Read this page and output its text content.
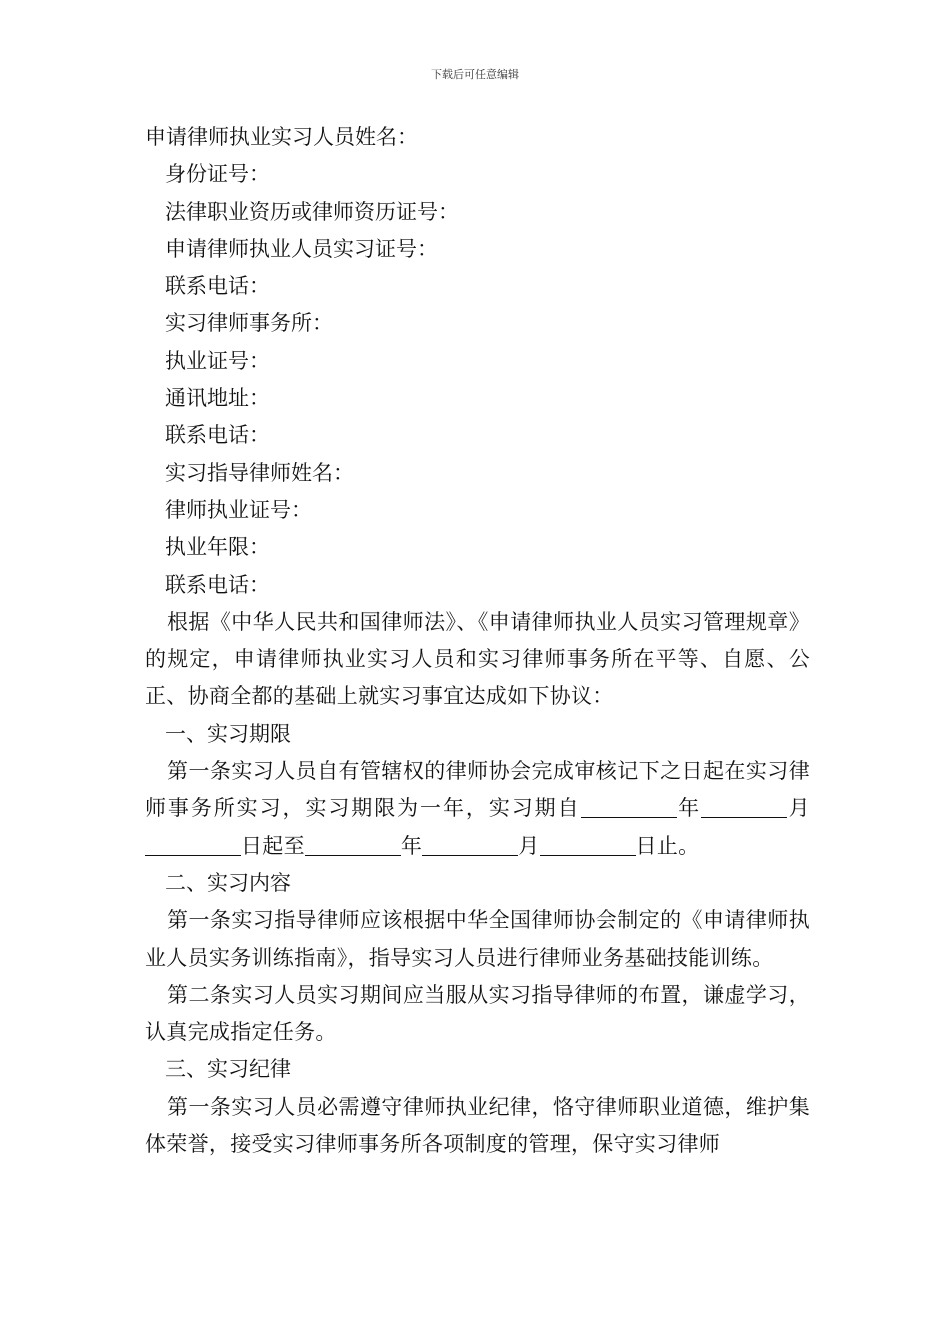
下载后可任意编辑
申请律师执业实习人员姓名：
身份证号：
法律职业资历或律师资历证号：
申请律师执业人员实习证号：
联系电话：
实习律师事务所：
执业证号：
通讯地址：
联系电话：
实习指导律师姓名：
律师执业证号：
执业年限：
联系电话：
根据《中华人民共和国律师法》、《申请律师执业人员实习管理规章》的规定，申请律师执业实习人员和实习律师事务所在平等、自愿、公正、协商全都的基础上就实习事宜达成如下协议：
一、实习期限
第一条实习人员自有管辖权的律师协会完成审核记下之日起在实习律师事务所实习，实习期限为一年，实习期自	年	月日起至	年	月	日止。
二、实习内容
第一条实习指导律师应该根据中华全国律师协会制定的《申请律师执业人员实务训练指南》，指导实习人员进行律师业务基础技能训练。
第二条实习人员实习期间应当服从实习指导律师的布置，谦虚学习，认真完成指定任务。
三、实习纪律
第一条实习人员必需遵守律师执业纪律，恪守律师职业道德，维护集体荣誉，接受实习律师事务所各项制度的管理，保守实习律师
